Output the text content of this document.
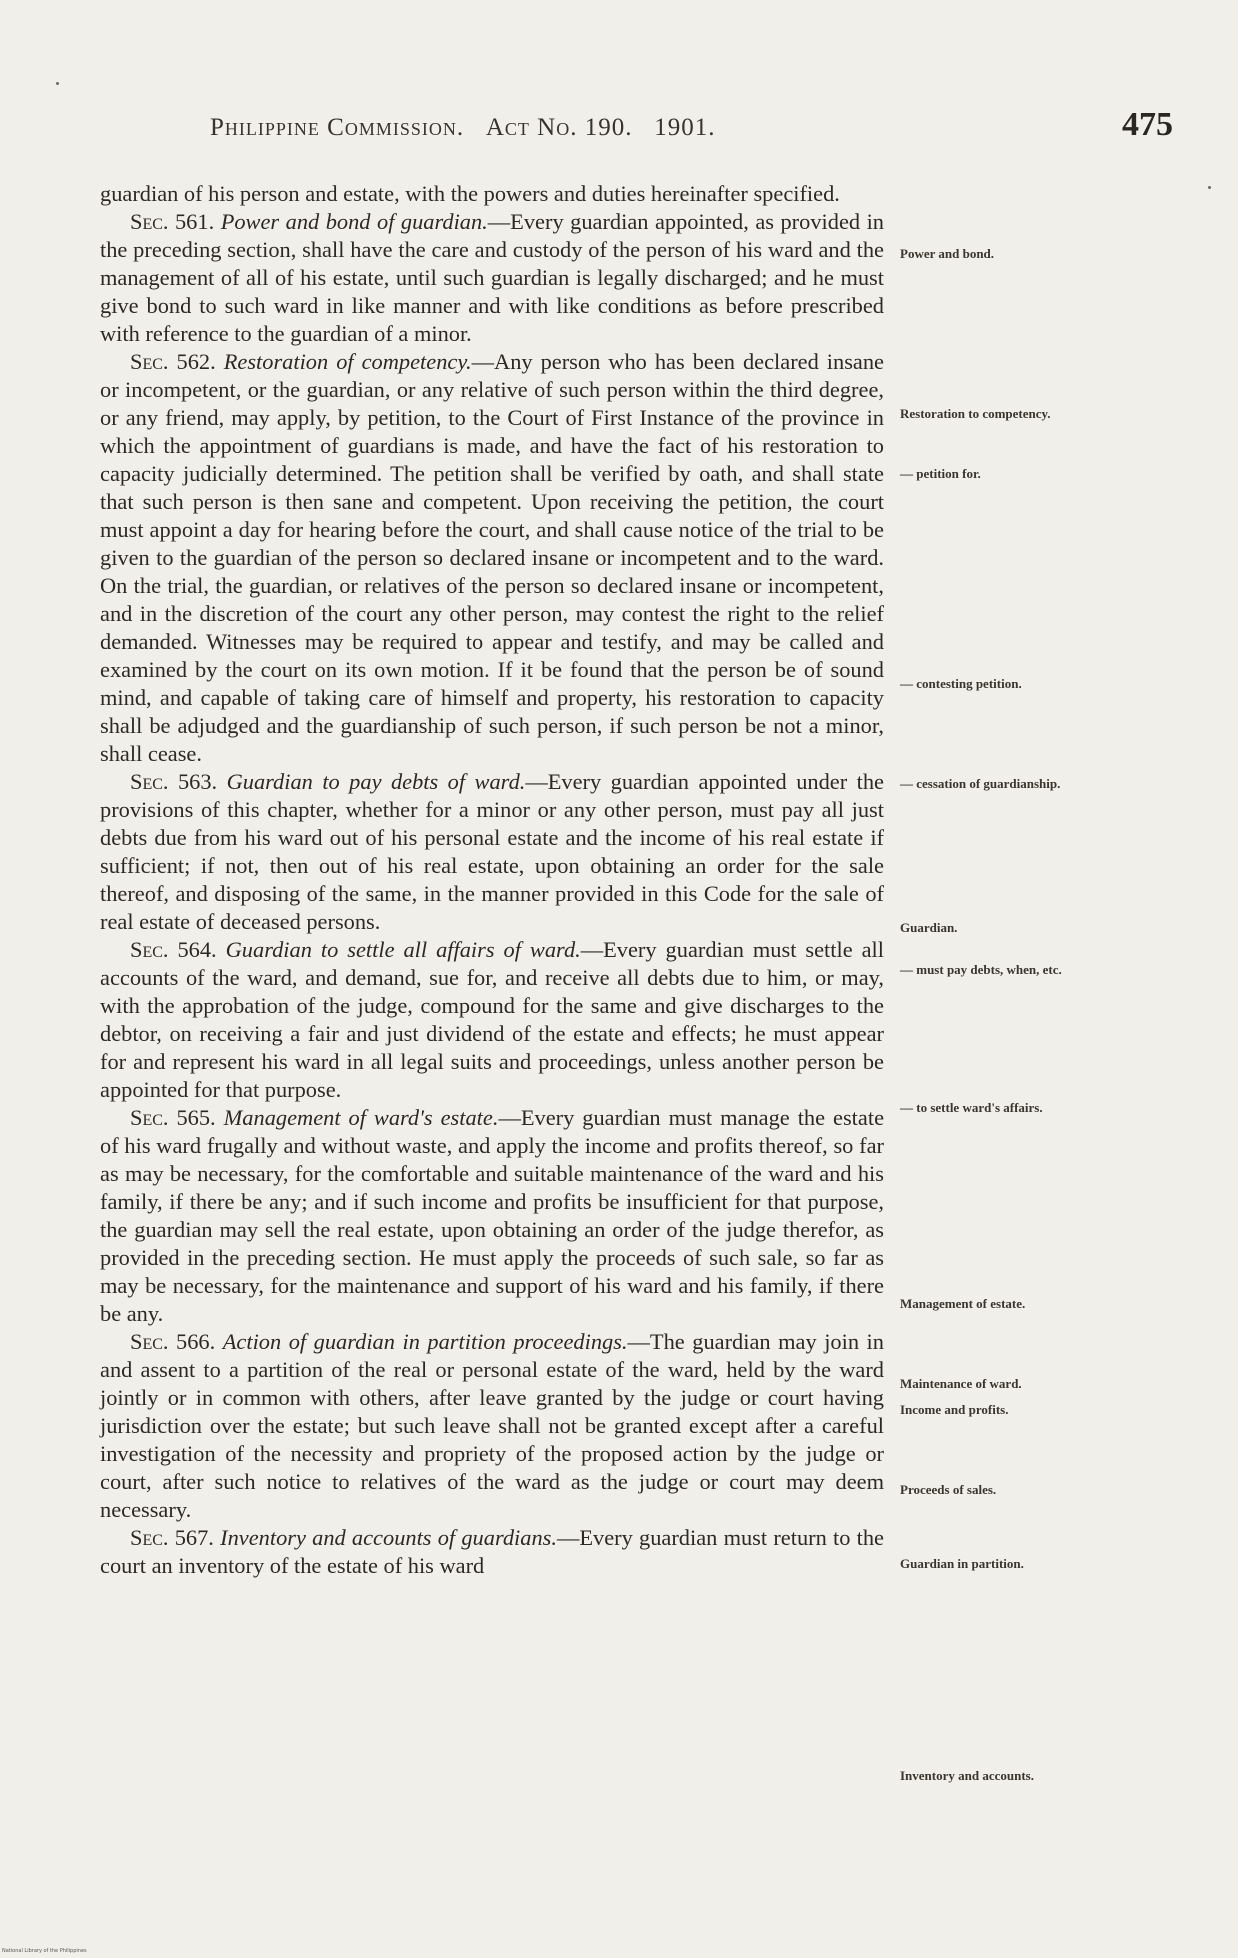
Philippine Commission. Act No. 190. 1901.	475

guardian of his person and estate, with the powers and duties hereinafter specified.

Sec. 561. Power and bond of guardian.—Every guardian appointed, as provided in the preceding section, shall have the care and custody of the person of his ward and the management of all of his estate, until such guardian is legally discharged; and he must give bond to such ward in like manner and with like conditions as before prescribed with reference to the guardian of a minor.

Sec. 562. Restoration of competency.—Any person who has been declared insane or incompetent, or the guardian, or any relative of such person within the third degree, or any friend, may apply, by petition, to the Court of First Instance of the province in which the appointment of guardians is made, and have the fact of his restoration to capacity judicially determined. The petition shall be verified by oath, and shall state that such person is then sane and competent. Upon receiving the petition, the court must appoint a day for hearing before the court, and shall cause notice of the trial to be given to the guardian of the person so declared insane or incompetent and to the ward. On the trial, the guardian, or relatives of the person so declared insane or incompetent, and in the discretion of the court any other person, may contest the right to the relief demanded. Witnesses may be required to appear and testify, and may be called and examined by the court on its own motion. If it be found that the person be of sound mind, and capable of taking care of himself and property, his restoration to capacity shall be adjudged and the guardianship of such person, if such person be not a minor, shall cease.

Sec. 563. Guardian to pay debts of ward.—Every guardian appointed under the provisions of this chapter, whether for a minor or any other person, must pay all just debts due from his ward out of his personal estate and the income of his real estate if sufficient; if not, then out of his real estate, upon obtaining an order for the sale thereof, and disposing of the same, in the manner provided in this Code for the sale of real estate of deceased persons.

Sec. 564. Guardian to settle all affairs of ward.—Every guardian must settle all accounts of the ward, and demand, sue for, and receive all debts due to him, or may, with the approbation of the judge, compound for the same and give discharges to the debtor, on receiving a fair and just dividend of the estate and effects; he must appear for and represent his ward in all legal suits and proceedings, unless another person be appointed for that purpose.

Sec. 565. Management of ward's estate.—Every guardian must manage the estate of his ward frugally and without waste, and apply the income and profits thereof, so far as may be necessary, for the comfortable and suitable maintenance of the ward and his family, if there be any; and if such income and profits be insufficient for that purpose, the guardian may sell the real estate, upon obtaining an order of the judge therefor, as provided in the preceding section. He must apply the proceeds of such sale, so far as may be necessary, for the maintenance and support of his ward and his family, if there be any.

Sec. 566. Action of guardian in partition proceedings.—The guardian may join in and assent to a partition of the real or personal estate of the ward, held by the ward jointly or in common with others, after leave granted by the judge or court having jurisdiction over the estate; but such leave shall not be granted except after a careful investigation of the necessity and propriety of the proposed action by the judge or court, after such notice to relatives of the ward as the judge or court may deem necessary.

Sec. 567. Inventory and accounts of guardians.—Every guardian must return to the court an inventory of the estate of his ward

Power and bond.
Restoration to competency.
— petition for.
— contesting petition.
— cessation of guardianship.
Guardian.
— must pay debts, when, etc.
— to settle ward's affairs.
Management of estate.
Maintenance of ward.
Income and profits.
Proceeds of sales.
Guardian in partition.
Inventory and accounts.
National Library of the Philippines
